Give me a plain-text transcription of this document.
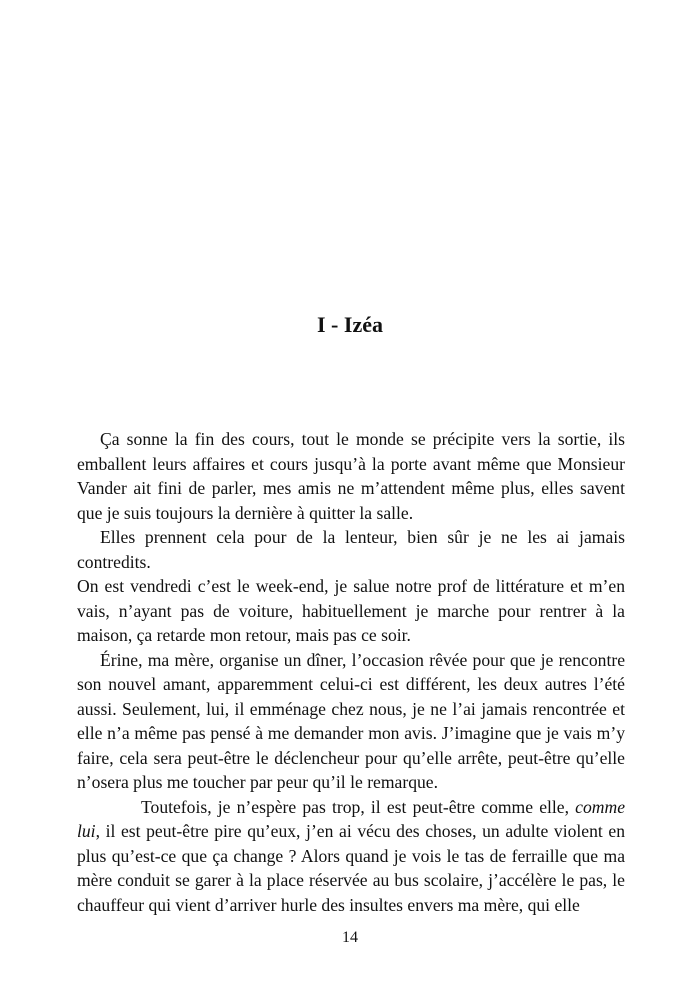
I - Izéa

Ça sonne la fin des cours, tout le monde se précipite vers la sortie, ils emballent leurs affaires et cours jusqu’à la porte avant même que Monsieur Vander ait fini de parler, mes amis ne m’attendent même plus, elles savent que je suis toujours la dernière à quitter la salle.

Elles prennent cela pour de la lenteur, bien sûr je ne les ai jamais contredits.

On est vendredi c’est le week-end, je salue notre prof de littérature et m’en vais, n’ayant pas de voiture, habituellement je marche pour rentrer à la maison, ça retarde mon retour, mais pas ce soir.

Érine, ma mère, organise un dîner, l’occasion rêvée pour que je rencontre son nouvel amant, apparemment celui-ci est différent, les deux autres l’été aussi. Seulement, lui, il emménage chez nous, je ne l’ai jamais rencontrée et elle n’a même pas pensé à me demander mon avis. J’imagine que je vais m’y faire, cela sera peut-être le déclencheur pour qu’elle arrête, peut-être qu’elle n’osera plus me toucher par peur qu’il le remarque.

Toutefois, je n’espère pas trop, il est peut-être comme elle, comme lui, il est peut-être pire qu’eux, j’en ai vécu des choses, un adulte violent en plus qu’est-ce que ça change ? Alors quand je vois le tas de ferraille que ma mère conduit se garer à la place réservée au bus scolaire, j’accélère le pas, le chauffeur qui vient d’arriver hurle des insultes envers ma mère, qui elle

14
